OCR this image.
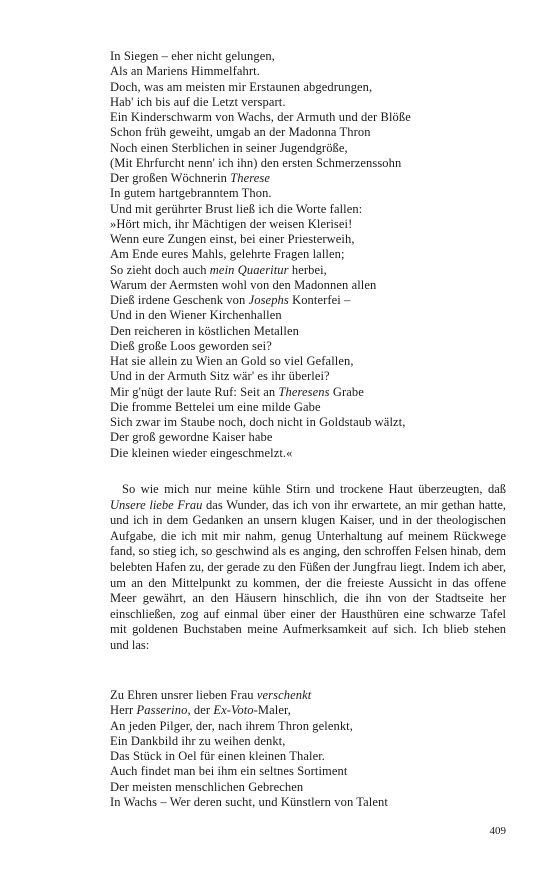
In Siegen – eher nicht gelungen,
Als an Mariens Himmelfahrt.
Doch, was am meisten mir Erstaunen abgedrungen,
Hab' ich bis auf die Letzt verspart.
Ein Kinderschwarm von Wachs, der Armuth und der Blöße
Schon früh geweiht, umgab an der Madonna Thron
Noch einen Sterblichen in seiner Jugendgröße,
(Mit Ehrfurcht nenn' ich ihn) den ersten Schmerzenssohn
Der großen Wöchnerin Therese
In gutem hartgebranntem Thon.
Und mit gerührter Brust ließ ich die Worte fallen:
»Hört mich, ihr Mächtigen der weisen Klerisei!
Wenn eure Zungen einst, bei einer Priesterweih,
Am Ende eures Mahls, gelehrte Fragen lallen;
So zieht doch auch mein Quaeritur herbei,
Warum der Aermsten wohl von den Madonnen allen
Dieß irdene Geschenk von Josephs Konterfei –
Und in den Wiener Kirchenhallen
Den reicheren in köstlichen Metallen
Dieß große Loos geworden sei?
Hat sie allein zu Wien an Gold so viel Gefallen,
Und in der Armuth Sitz wär' es ihr überlei?
Mir g'nügt der laute Ruf: Seit an Theresens Grabe
Die fromme Bettelei um eine milde Gabe
Sich zwar im Staube noch, doch nicht in Goldstaub wälzt,
Der groß gewordne Kaiser habe
Die kleinen wieder eingeschmelzt.«

So wie mich nur meine kühle Stirn und trockene Haut überzeugten, daß Unsere liebe Frau das Wunder, das ich von ihr erwartete, an mir gethan hatte, und ich in dem Gedanken an unsern klugen Kaiser, und in der theologischen Aufgabe, die ich mit mir nahm, genug Unterhaltung auf meinem Rückwege fand, so stieg ich, so geschwind als es anging, den schroffen Felsen hinab, dem belebten Hafen zu, der gerade zu den Füßen der Jungfrau liegt. Indem ich aber, um an den Mittelpunkt zu kommen, der die freieste Aussicht in das offene Meer gewährt, an den Häusern hinschlich, die ihn von der Stadtseite her einschließen, zog auf einmal über einer der Hausthüren eine schwarze Tafel mit goldenen Buchstaben meine Aufmerksamkeit auf sich. Ich blieb stehen und las:

Zu Ehren unsrer lieben Frau verschenkt
Herr Passerino, der Ex-Voto-Maler,
An jeden Pilger, der, nach ihrem Thron gelenkt,
Ein Dankbild ihr zu weihen denkt,
Das Stück in Oel für einen kleinen Thaler.
Auch findet man bei ihm ein seltnes Sortiment
Der meisten menschlichen Gebrechen
In Wachs – Wer deren sucht, und Künstlern von Talent
409
